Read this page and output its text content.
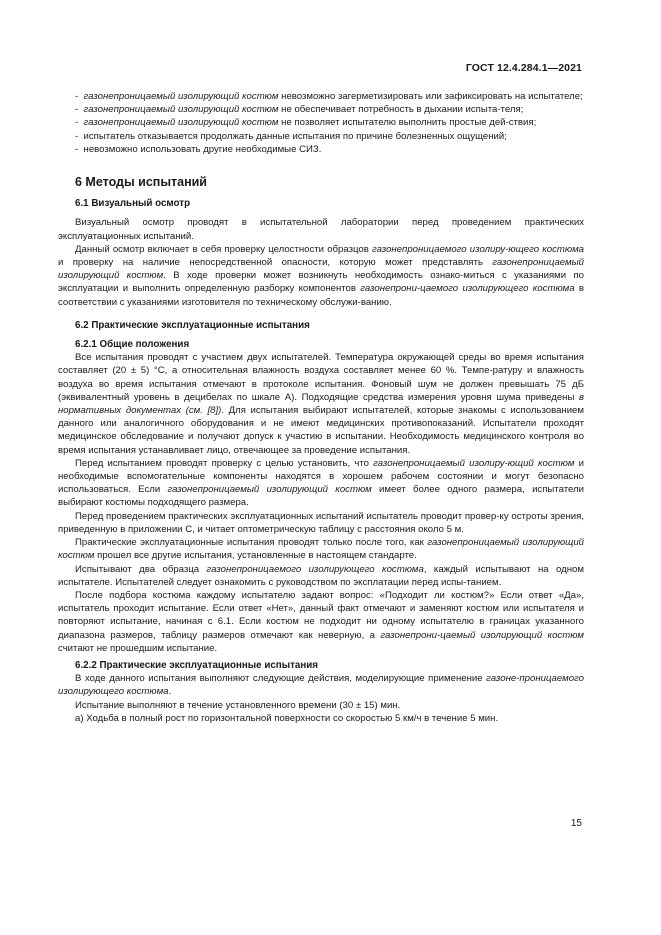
ГОСТ 12.4.284.1—2021

-  газонепроницаемый изолирующий костюм невозможно загерметизировать или зафиксировать на испытателе;

-  газонепроницаемый изолирующий костюм не обеспечивает потребность в дыхании испыта-теля;

-  газонепроницаемый изолирующий костюм не позволяет испытателю выполнить простые дей-ствия;

-  испытатель отказывается продолжать данные испытания по причине болезненных ощущений;

-  невозможно использовать другие необходимые СИЗ.

6 Методы испытаний
6.1 Визуальный осмотр

Визуальный осмотр проводят в испытательной лаборатории перед проведением практических эксплуатационных испытаний.

Данный осмотр включает в себя проверку целостности образцов газонепроницаемого изолиру-ющего костюма и проверку на наличие непосредственной опасности, которую может представлять газонепроницаемый изолирующий костюм. В ходе проверки может возникнуть необходимость ознако-миться с указаниями по эксплуатации и выполнить определенную разборку компонентов газонепрони-цаемого изолирующего костюма в соответствии с указаниями изготовителя по техническому обслужи-ванию.

6.2 Практические эксплуатационные испытания
6.2.1 Общие положения

Все испытания проводят с участием двух испытателей. Температура окружающей среды во время испытания составляет (20 ± 5) °С, а относительная влажность воздуха составляет менее 60 %. Темпе-ратуру и влажность воздуха во время испытания отмечают в протоколе испытания. Фоновый шум не должен превышать 75 дБ (эквивалентный уровень в децибелах по шкале А). Подходящие средства измерения уровня шума приведены в нормативных документах (см. [8]). Для испытания выбирают испытателей, которые знакомы с использованием данного или аналогичного оборудования и не имеют медицинских противопоказаний. Испытатели проходят медицинское обследование и получают допуск к участию в испытании. Необходимость медицинского контроля во время испытания устанавливает лицо, отвечающее за проведение испытания.

Перед испытанием проводят проверку с целью установить, что газонепроницаемый изолиру-ющий костюм и необходимые вспомогательные компоненты находятся в хорошем рабочем состоянии и могут безопасно использоваться. Если газонепроницаемый изолирующий костюм имеет более одного размера, испытатели выбирают костюмы подходящего размера.

Перед проведением практических эксплуатационных испытаний испытатель проводит провер-ку остроты зрения, приведенную в приложении С, и читает оптометрическую таблицу с расстояния около 5 м.

Практические эксплуатационные испытания проводят только после того, как газонепроницаемый изолирующий костюм прошел все другие испытания, установленные в настоящем стандарте.

Испытывают два образца газонепроницаемого изолирующего костюма, каждый испытывают на одном испытателе. Испытателей следует ознакомить с руководством по эксплатации перед испы-танием.

После подбора костюма каждому испытателю задают вопрос: «Подходит ли костюм?» Если ответ «Да», испытатель проходит испытание. Если ответ «Нет», данный факт отмечают и заменяют костюм или испытателя и повторяют испытание, начиная с 6.1. Если костюм не подходит ни одному испытателю в границах указанного диапазона размеров, таблицу размеров отмечают как неверную, а газонепрони-цаемый изолирующий костюм считают не прошедшим испытание.

6.2.2 Практические эксплуатационные испытания

В ходе данного испытания выполняют следующие действия, моделирующие применение газоне-проницаемого изолирующего костюма.

Испытание выполняют в течение установленного времени (30 ± 15) мин.

а) Ходьба в полный рост по горизонтальной поверхности со скоростью 5 км/ч в течение 5 мин.

15
